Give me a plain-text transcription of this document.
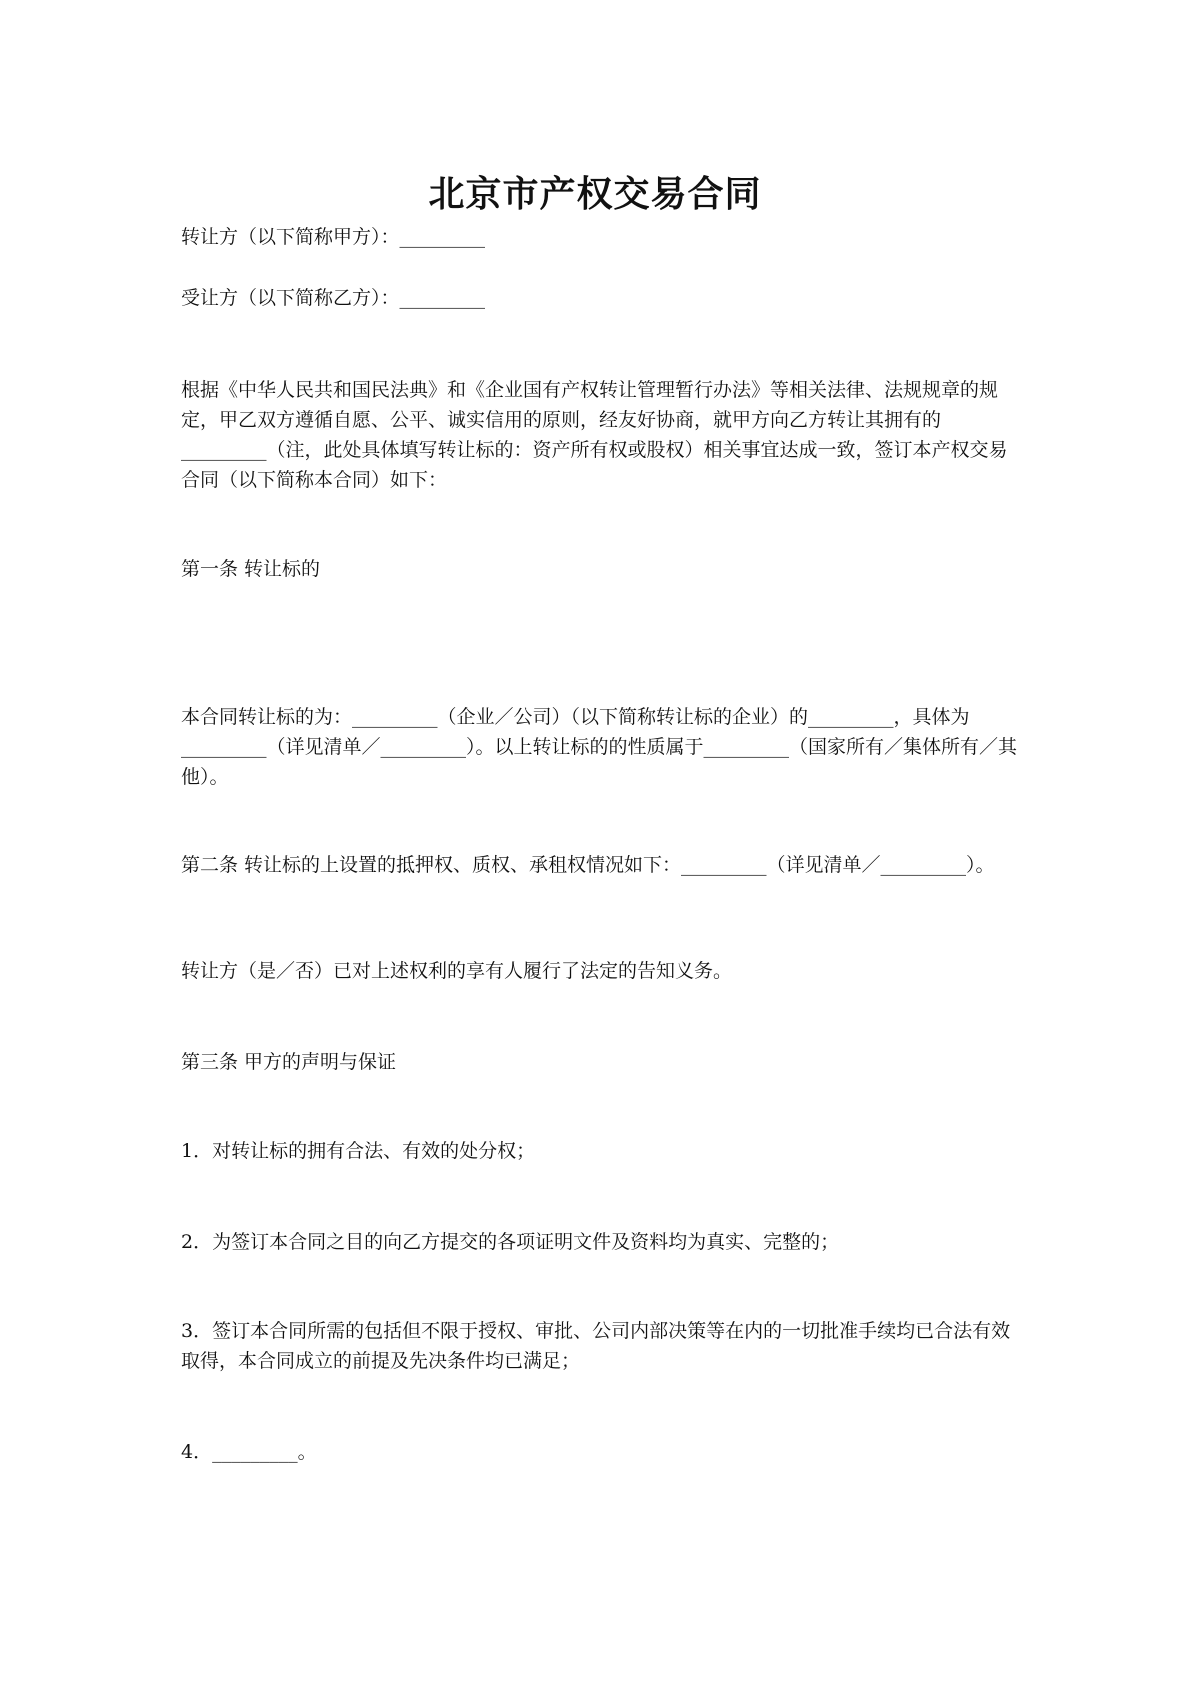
北京市产权交易合同
转让方（以下简称甲方）：_________
受让方（以下简称乙方）：_________
根据《中华人民共和国民法典》和《企业国有产权转让管理暂行办法》等相关法律、法规规章的规定，甲乙双方遵循自愿、公平、诚实信用的原则，经友好协商，就甲方向乙方转让其拥有的_________（注，此处具体填写转让标的：资产所有权或股权）相关事宜达成一致，签订本产权交易合同（以下简称本合同）如下：
第一条 转让标的
本合同转让标的为：_________（企业／公司）（以下简称转让标的企业）的_________，具体为_________（详见清单／_________）。以上转让标的的性质属于_________（国家所有／集体所有／其他）。
第二条 转让标的上设置的抵押权、质权、承租权情况如下：_________（详见清单／_________）。
转让方（是／否）已对上述权利的享有人履行了法定的告知义务。
第三条 甲方的声明与保证
1．对转让标的拥有合法、有效的处分权；
2．为签订本合同之目的向乙方提交的各项证明文件及资料均为真实、完整的；
3．签订本合同所需的包括但不限于授权、审批、公司内部决策等在内的一切批准手续均已合法有效取得，本合同成立的前提及先决条件均已满足；
4．_________。
